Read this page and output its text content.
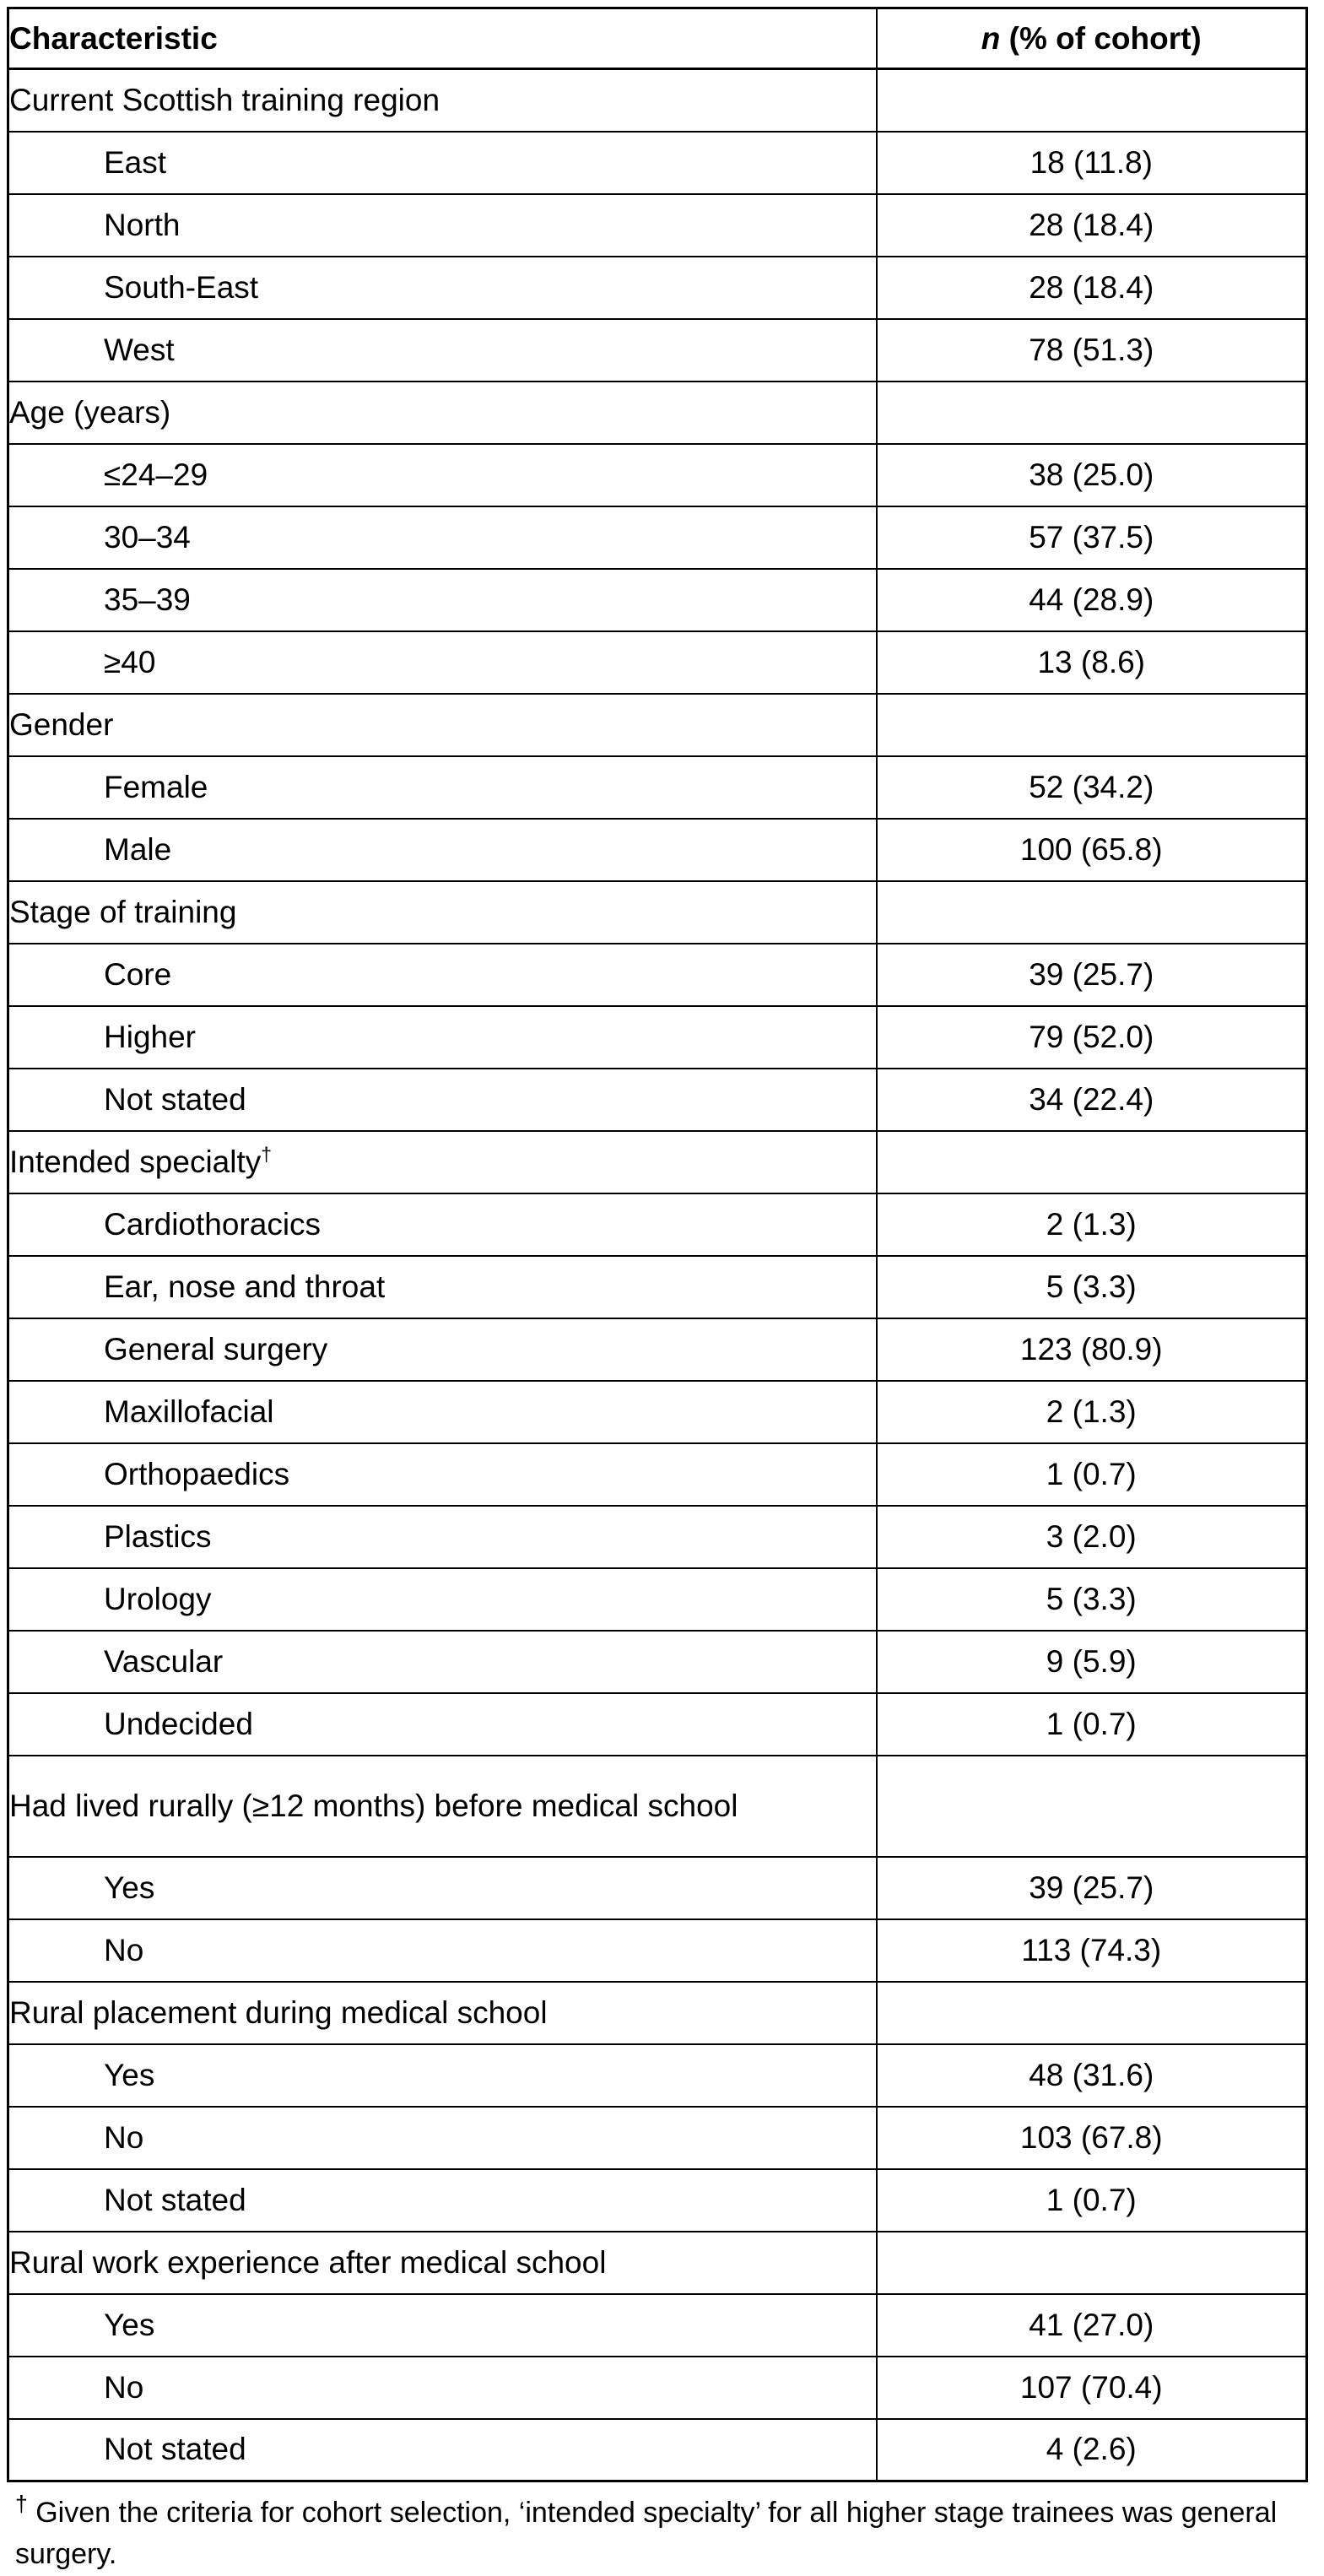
Characteristic	n (% of cohort)
Current Scottish training region	
East	18 (11.8)
North	28 (18.4)
South-East	28 (18.4)
West	78 (51.3)
Age (years)	
≤24–29	38 (25.0)
30–34	57 (37.5)
35–39	44 (28.9)
≥40	13 (8.6)
Gender	
Female	52 (34.2)
Male	100 (65.8)
Stage of training	
Core	39 (25.7)
Higher	79 (52.0)
Not stated	34 (22.4)
Intended specialty†	
Cardiothoracics	2 (1.3)
Ear, nose and throat	5 (3.3)
General surgery	123 (80.9)
Maxillofacial	2 (1.3)
Orthopaedics	1 (0.7)
Plastics	3 (2.0)
Urology	5 (3.3)
Vascular	9 (5.9)
Undecided	1 (0.7)
Had lived rurally (≥12 months) before medical school	
Yes	39 (25.7)
No	113 (74.3)
Rural placement during medical school	
Yes	48 (31.6)
No	103 (67.8)
Not stated	1 (0.7)
Rural work experience after medical school	
Yes	41 (27.0)
No	107 (70.4)
Not stated	4 (2.6)
† Given the criteria for cohort selection, ‘intended specialty’ for all higher stage trainees was general surgery.
